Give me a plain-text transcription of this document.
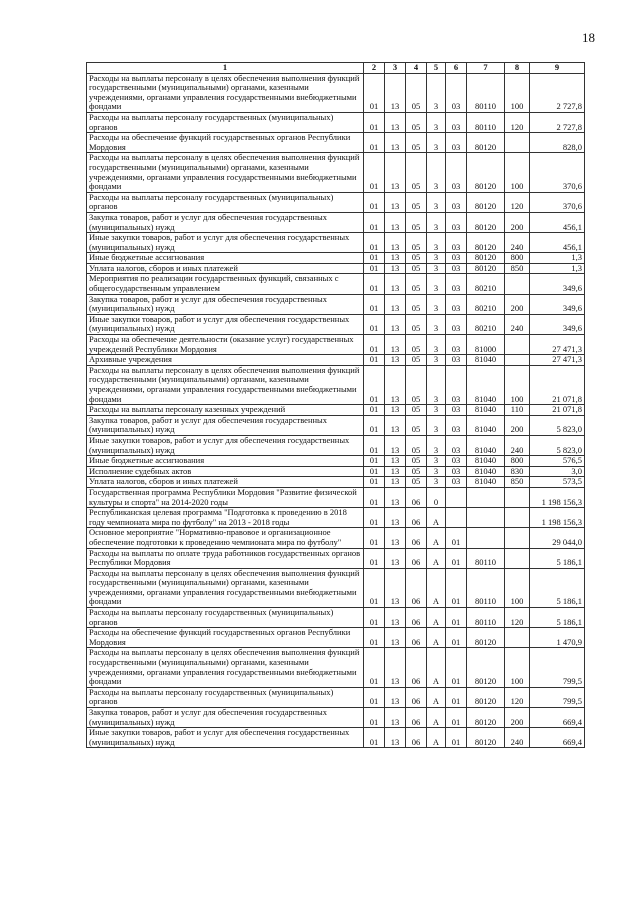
18
1	2	3	4	5	6	7	8	9
Расходы на выплаты персоналу в целях обеспечения выполнения функций государственными (муниципальными) органами, казенными учреждениями, органами управления государственными внебюджетными фондами	01	13	05	3	03	80110	100	2 727,8
Расходы на выплаты персоналу государственных (муниципальных) органов	01	13	05	3	03	80110	120	2 727,8
Расходы на обеспечение функций государственных органов Республики Мордовия	01	13	05	3	03	80120		828,0
Расходы на выплаты персоналу в целях обеспечения выполнения функций государственными (муниципальными) органами, казенными учреждениями, органами управления государственными внебюджетными фондами	01	13	05	3	03	80120	100	370,6
Расходы на выплаты персоналу государственных (муниципальных) органов	01	13	05	3	03	80120	120	370,6
Закупка товаров, работ и услуг для обеспечения государственных (муниципальных) нужд	01	13	05	3	03	80120	200	456,1
Иные закупки товаров, работ и услуг для обеспечения государственных (муниципальных) нужд	01	13	05	3	03	80120	240	456,1
Иные бюджетные ассигнования	01	13	05	3	03	80120	800	1,3
Уплата налогов, сборов и иных платежей	01	13	05	3	03	80120	850	1,3
Мероприятия по реализации государственных функций, связанных с общегосударственным управлением	01	13	05	3	03	80210		349,6
Закупка товаров, работ и услуг для обеспечения государственных (муниципальных) нужд	01	13	05	3	03	80210	200	349,6
Иные закупки товаров, работ и услуг для обеспечения государственных (муниципальных) нужд	01	13	05	3	03	80210	240	349,6
Расходы на обеспечение деятельности (оказание услуг) государственных учреждений Республики Мордовия	01	13	05	3	03	81000		27 471,3
Архивные учреждения	01	13	05	3	03	81040		27 471,3
Расходы на выплаты персоналу в целях обеспечения выполнения функций государственными (муниципальными) органами, казенными учреждениями, органами управления государственными внебюджетными фондами	01	13	05	3	03	81040	100	21 071,8
Расходы на выплаты персоналу казенных учреждений	01	13	05	3	03	81040	110	21 071,8
Закупка товаров, работ и услуг для обеспечения государственных (муниципальных) нужд	01	13	05	3	03	81040	200	5 823,0
Иные закупки товаров, работ и услуг для обеспечения государственных (муниципальных) нужд	01	13	05	3	03	81040	240	5 823,0
Иные бюджетные ассигнования	01	13	05	3	03	81040	800	576,5
Исполнение судебных актов	01	13	05	3	03	81040	830	3,0
Уплата налогов, сборов и иных платежей	01	13	05	3	03	81040	850	573,5
Государственная программа Республики Мордовия "Развитие физической культуры и спорта" на 2014-2020 годы	01	13	06	0				1 198 156,3
Республиканская целевая программа "Подготовка к проведению в 2018 году чемпионата мира по футболу" на 2013 - 2018 годы	01	13	06	А				1 198 156,3
Основное мероприятие "Нормативно-правовое и организационное обеспечение подготовки к проведению чемпионата мира по футболу"	01	13	06	А	01			29 044,0
Расходы на выплаты по оплате труда работников государственных органов Республики Мордовия	01	13	06	А	01	80110		5 186,1
Расходы на выплаты персоналу в целях обеспечения выполнения функций государственными (муниципальными) органами, казенными учреждениями, органами управления государственными внебюджетными фондами	01	13	06	А	01	80110	100	5 186,1
Расходы на выплаты персоналу государственных (муниципальных) органов	01	13	06	А	01	80110	120	5 186,1
Расходы на обеспечение функций государственных органов Республики Мордовия	01	13	06	А	01	80120		1 470,9
Расходы на выплаты персоналу в целях обеспечения выполнения функций государственными (муниципальными) органами, казенными учреждениями, органами управления государственными внебюджетными фондами	01	13	06	А	01	80120	100	799,5
Расходы на выплаты персоналу государственных (муниципальных) органов	01	13	06	А	01	80120	120	799,5
Закупка товаров, работ и услуг для обеспечения государственных (муниципальных) нужд	01	13	06	А	01	80120	200	669,4
Иные закупки товаров, работ и услуг для обеспечения государственных (муниципальных) нужд	01	13	06	А	01	80120	240	669,4
